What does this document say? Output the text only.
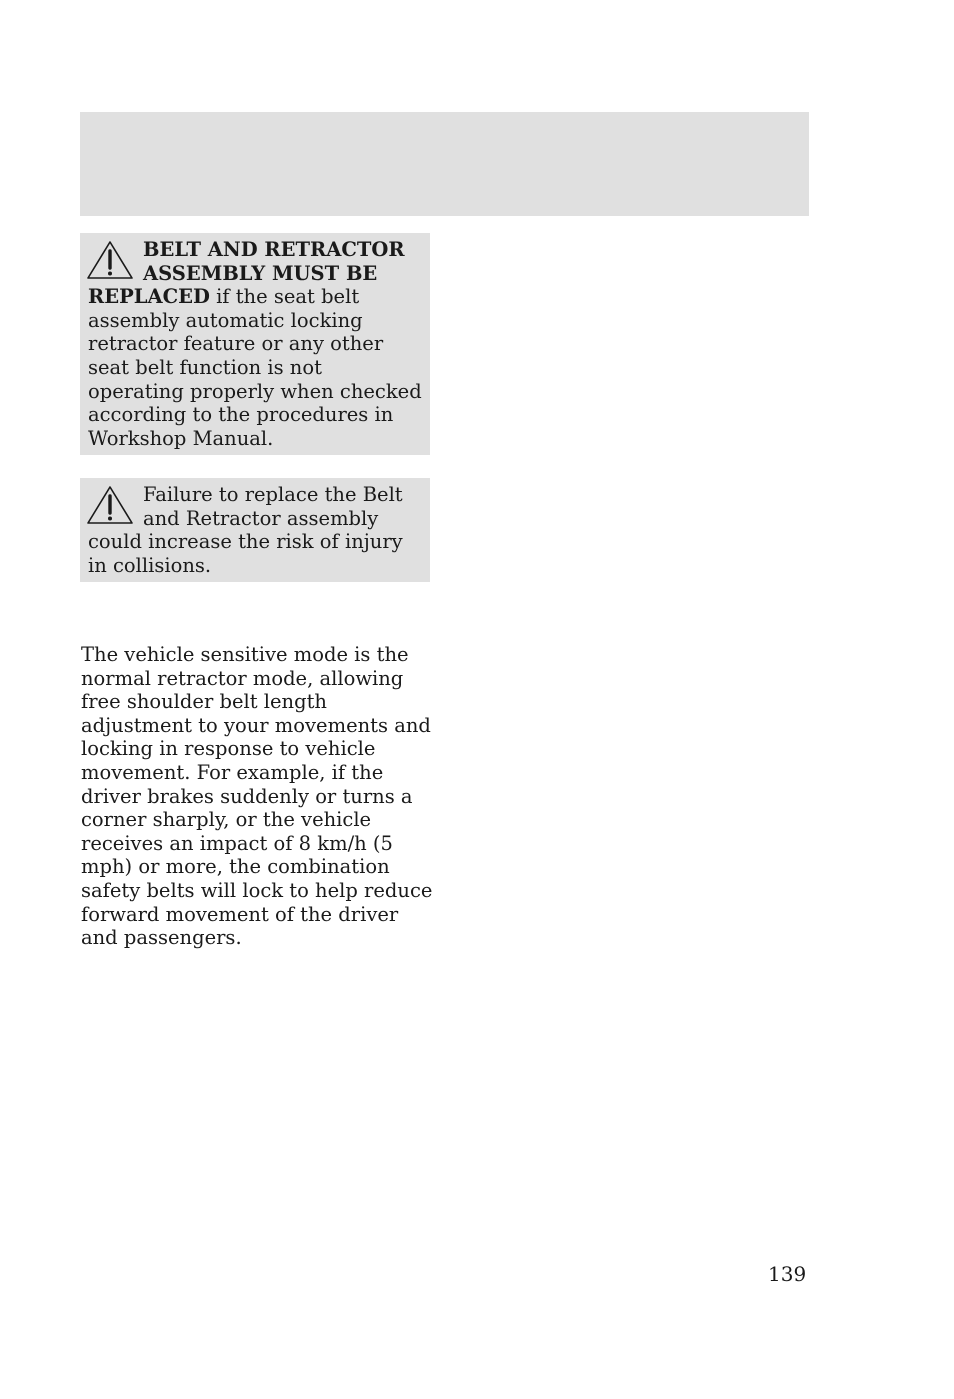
BELT AND RETRACTOR ASSEMBLY MUST BE REPLACED if the seat belt assembly automatic locking retractor feature or any other seat belt function is not operating properly when checked according to the procedures in Workshop Manual.
Failure to replace the Belt and Retractor assembly could increase the risk of injury in collisions.

The vehicle sensitive mode is the normal retractor mode, allowing free shoulder belt length adjustment to your movements and locking in response to vehicle movement. For example, if the driver brakes suddenly or turns a corner sharply, or the vehicle receives an impact of 8 km/h (5 mph) or more, the combination safety belts will lock to help reduce forward movement of the driver and passengers.

139
